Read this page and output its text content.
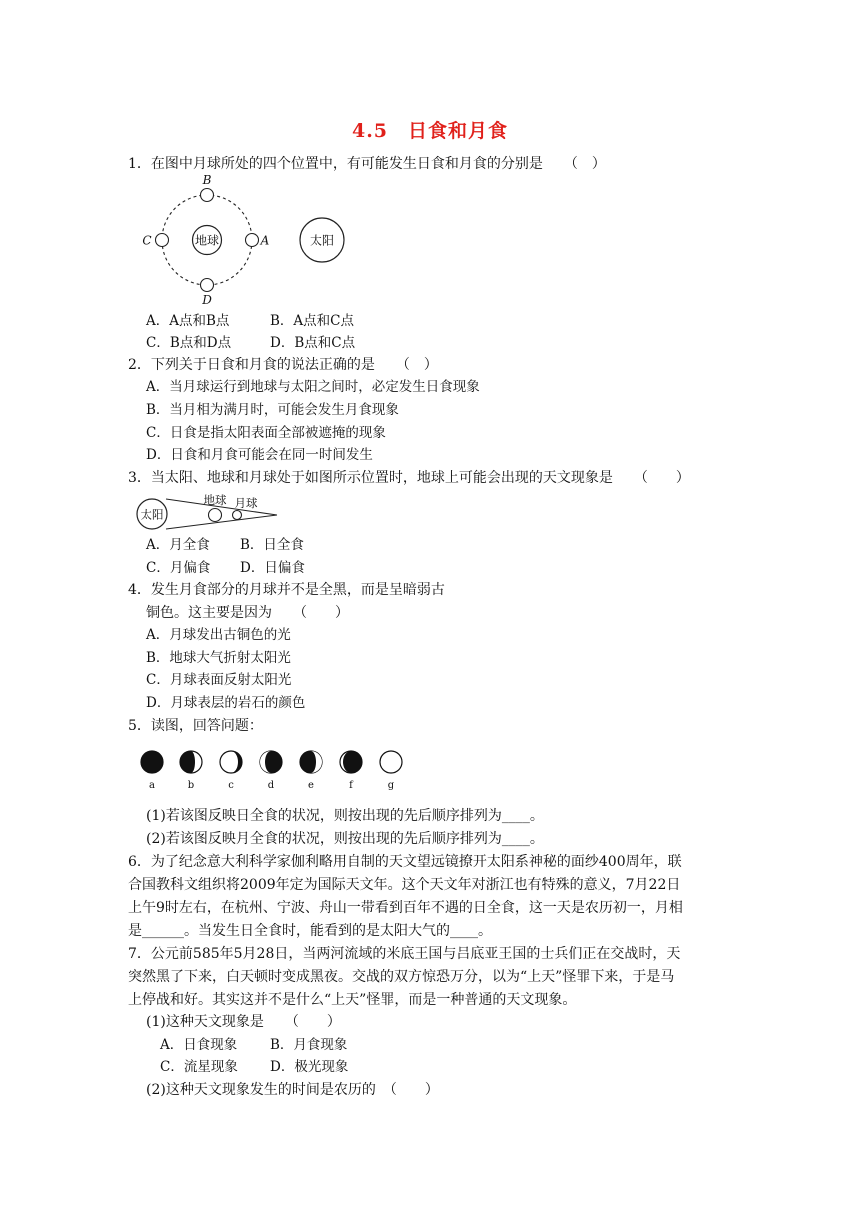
4.5　日食和月食
1．在图中月球所处的四个位置中，有可能发生日食和月食的分别是　　（　）
地球
B
A
C
D
太阳
A．A点和B点	B．A点和C点
C．B点和D点	D．B点和C点
2．下列关于日食和月食的说法正确的是　　（　）
A．当月球运行到地球与太阳之间时，必定发生日食现象
B．当月相为满月时，可能会发生月食现象
C．日食是指太阳表面全部被遮掩的现象
D．日食和月食可能会在同一时间发生
3．当太阳、地球和月球处于如图所示位置时，地球上可能会出现的天文现象是　　（　　）
太阳
地球 月球
A．月全食 B．日全食
C．月偏食 D．日偏食
4．发生月食部分的月球并不是全黑，而是呈暗弱古
铜色。这主要是因为　　（　　）
A．月球发出古铜色的光
B．地球大气折射太阳光
C．月球表面反射太阳光
D．月球表层的岩石的颜色
5．读图，回答问题：
a	b	c	d	e	f	g
(1)若该图反映日全食的状况，则按出现的先后顺序排列为____。
(2)若该图反映月全食的状况，则按出现的先后顺序排列为____。
6．为了纪念意大利科学家伽利略用自制的天文望远镜撩开太阳系神秘的面纱400周年，联
合国教科文组织将2009年定为国际天文年。这个天文年对浙江也有特殊的意义，7月22日
上午9时左右，在杭州、宁波、舟山一带看到百年不遇的日全食，这一天是农历初一，月相
是______。当发生日全食时，能看到的是太阳大气的____。
7．公元前585年5月28日，当两河流域的米底王国与吕底亚王国的士兵们正在交战时，天
突然黑了下来，白天顿时变成黑夜。交战的双方惊恐万分，以为“上天”怪罪下来，于是马
上停战和好。其实这并不是什么“上天”怪罪，而是一种普通的天文现象。
(1)这种天文现象是　　（　　）
A．日食现象 B．月食现象
C．流星现象 D．极光现象
(2)这种天文现象发生的时间是农历的　（　　）
